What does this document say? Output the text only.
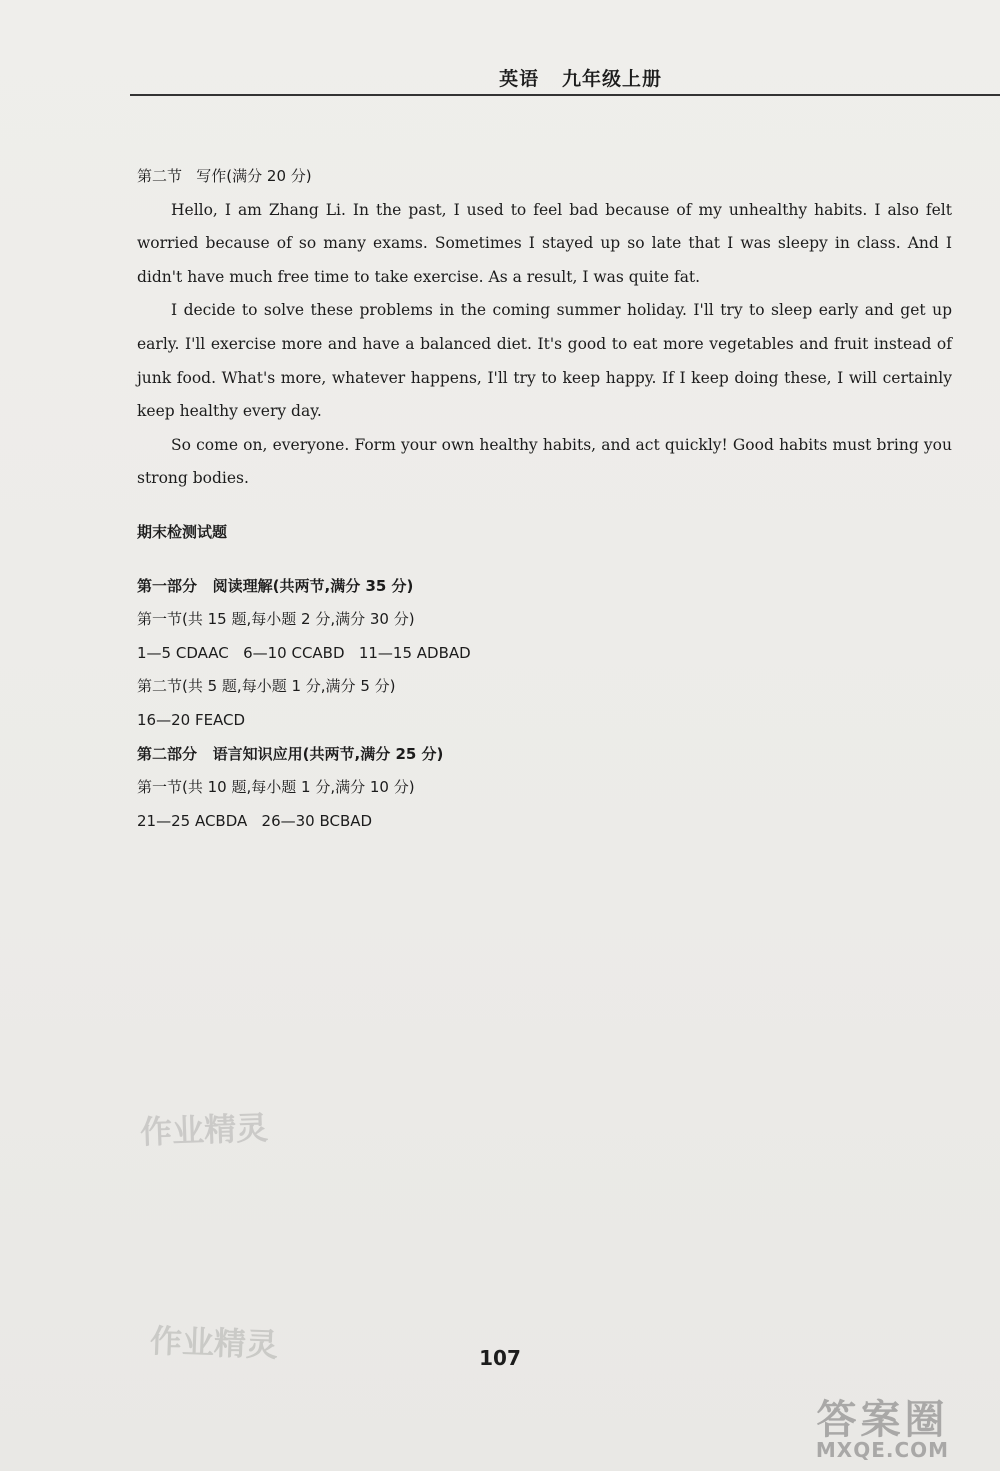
英语   九年级上册
第二节   写作(满分 20 分)

Hello, I am Zhang Li. In the past, I used to feel bad because of my unhealthy habits. I also felt worried because of so many exams. Sometimes I stayed up so late that I was sleepy in class. And I didn't have much free time to take exercise. As a result, I was quite fat.

I decide to solve these problems in the coming summer holiday. I'll try to sleep early and get up early. I'll exercise more and have a balanced diet. It's good to eat more vegetables and fruit instead of junk food. What's more, whatever happens, I'll try to keep happy. If I keep doing these, I will certainly keep healthy every day.

So come on, everyone. Form your own healthy habits, and act quickly! Good habits must bring you strong bodies.

期末检测试题
第一部分   阅读理解(共两节,满分 35 分)
第一节(共 15 题,每小题 2 分,满分 30 分)
1—5 CDAAC   6—10 CCABD   11—15 ADBAD
第二节(共 5 题,每小题 1 分,满分 5 分)
16—20 FEACD
第二部分   语言知识应用(共两节,满分 25 分)
第一节(共 10 题,每小题 1 分,满分 10 分)
21—25 ACBDA   26—30 BCBAD
作业精灵
作业精灵	107
答案圈
MXQE.COM
